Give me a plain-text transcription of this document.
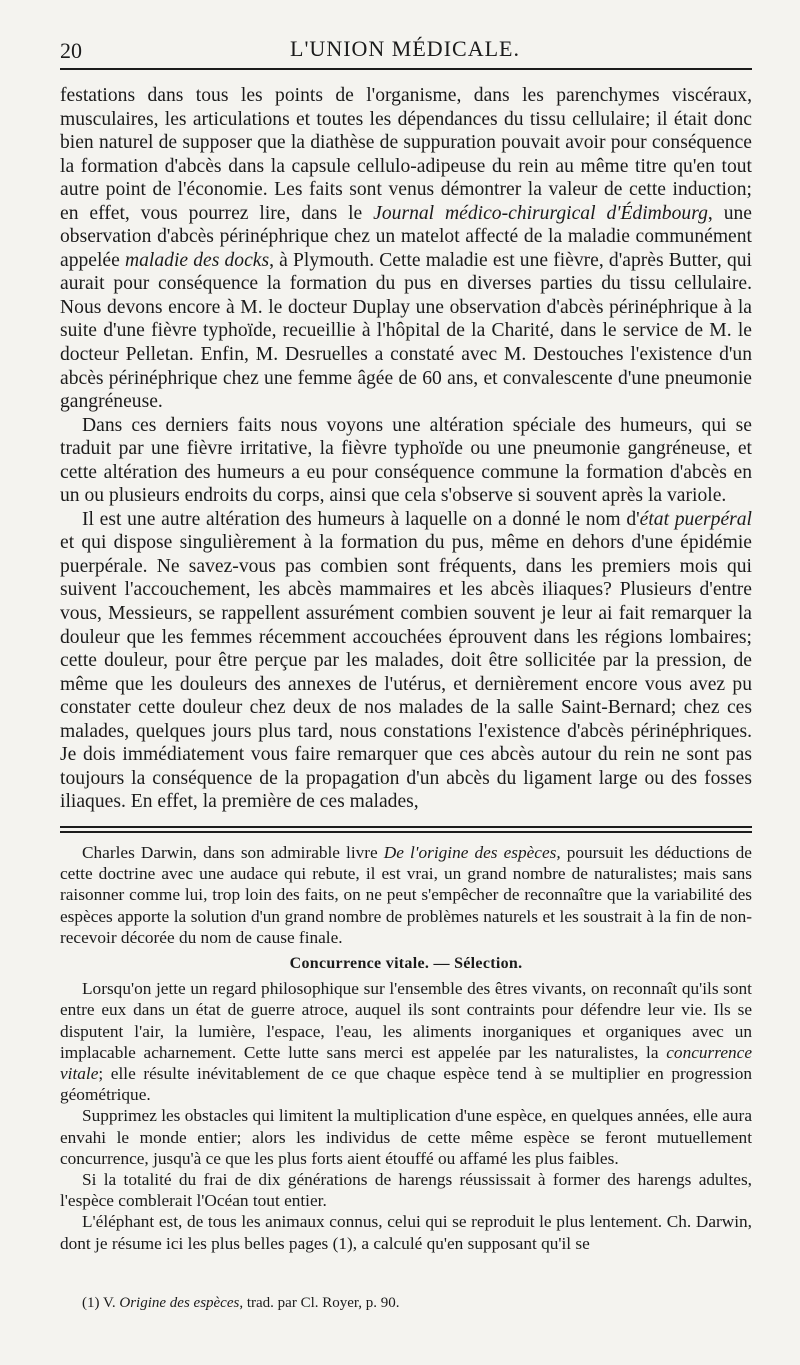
20	L'UNION MÉDICALE.

festations dans tous les points de l'organisme, dans les parenchymes viscéraux, musculaires, les articulations et toutes les dépendances du tissu cellulaire; il était donc bien naturel de supposer que la diathèse de suppuration pouvait avoir pour conséquence la formation d'abcès dans la capsule cellulo-adipeuse du rein au même titre qu'en tout autre point de l'économie. Les faits sont venus démontrer la valeur de cette induction; en effet, vous pourrez lire, dans le Journal médico-chirurgical d'Édimbourg, une observation d'abcès périnéphrique chez un matelot affecté de la maladie communément appelée maladie des docks, à Plymouth. Cette maladie est une fièvre, d'après Butter, qui aurait pour conséquence la formation du pus en diverses parties du tissu cellulaire. Nous devons encore à M. le docteur Duplay une observation d'abcès périnéphrique à la suite d'une fièvre typhoïde, recueillie à l'hôpital de la Charité, dans le service de M. le docteur Pelletan. Enfin, M. Desruelles a constaté avec M. Destouches l'existence d'un abcès périnéphrique chez une femme âgée de 60 ans, et convalescente d'une pneumonie gangréneuse.

Dans ces derniers faits nous voyons une altération spéciale des humeurs, qui se traduit par une fièvre irritative, la fièvre typhoïde ou une pneumonie gangréneuse, et cette altération des humeurs a eu pour conséquence commune la formation d'abcès en un ou plusieurs endroits du corps, ainsi que cela s'observe si souvent après la variole.

Il est une autre altération des humeurs à laquelle on a donné le nom d'état puerpéral et qui dispose singulièrement à la formation du pus, même en dehors d'une épidémie puerpérale. Ne savez-vous pas combien sont fréquents, dans les premiers mois qui suivent l'accouchement, les abcès mammaires et les abcès iliaques? Plusieurs d'entre vous, Messieurs, se rappellent assurément combien souvent je leur ai fait remarquer la douleur que les femmes récemment accouchées éprouvent dans les régions lombaires; cette douleur, pour être perçue par les malades, doit être sollicitée par la pression, de même que les douleurs des annexes de l'utérus, et dernièrement encore vous avez pu constater cette douleur chez deux de nos malades de la salle Saint-Bernard; chez ces malades, quelques jours plus tard, nous constations l'existence d'abcès périnéphriques. Je dois immédiatement vous faire remarquer que ces abcès autour du rein ne sont pas toujours la conséquence de la propagation d'un abcès du ligament large ou des fosses iliaques. En effet, la première de ces malades,

Charles Darwin, dans son admirable livre De l'origine des espèces, poursuit les déductions de cette doctrine avec une audace qui rebute, il est vrai, un grand nombre de naturalistes; mais sans raisonner comme lui, trop loin des faits, on ne peut s'empêcher de reconnaître que la variabilité des espèces apporte la solution d'un grand nombre de problèmes naturels et les soustrait à la fin de non-recevoir décorée du nom de cause finale.

Concurrence vitale. — Sélection.

Lorsqu'on jette un regard philosophique sur l'ensemble des êtres vivants, on reconnaît qu'ils sont entre eux dans un état de guerre atroce, auquel ils sont contraints pour défendre leur vie. Ils se disputent l'air, la lumière, l'espace, l'eau, les aliments inorganiques et organiques avec un implacable acharnement. Cette lutte sans merci est appelée par les naturalistes, la concurrence vitale; elle résulte inévitablement de ce que chaque espèce tend à se multiplier en progression géométrique.

Supprimez les obstacles qui limitent la multiplication d'une espèce, en quelques années, elle aura envahi le monde entier; alors les individus de cette même espèce se feront mutuellement concurrence, jusqu'à ce que les plus forts aient étouffé ou affamé les plus faibles.

Si la totalité du frai de dix générations de harengs réussissait à former des harengs adultes, l'espèce comblerait l'Océan tout entier.

L'éléphant est, de tous les animaux connus, celui qui se reproduit le plus lentement. Ch. Darwin, dont je résume ici les plus belles pages (1), a calculé qu'en supposant qu'il se

(1) V. Origine des espèces, trad. par Cl. Royer, p. 90.
